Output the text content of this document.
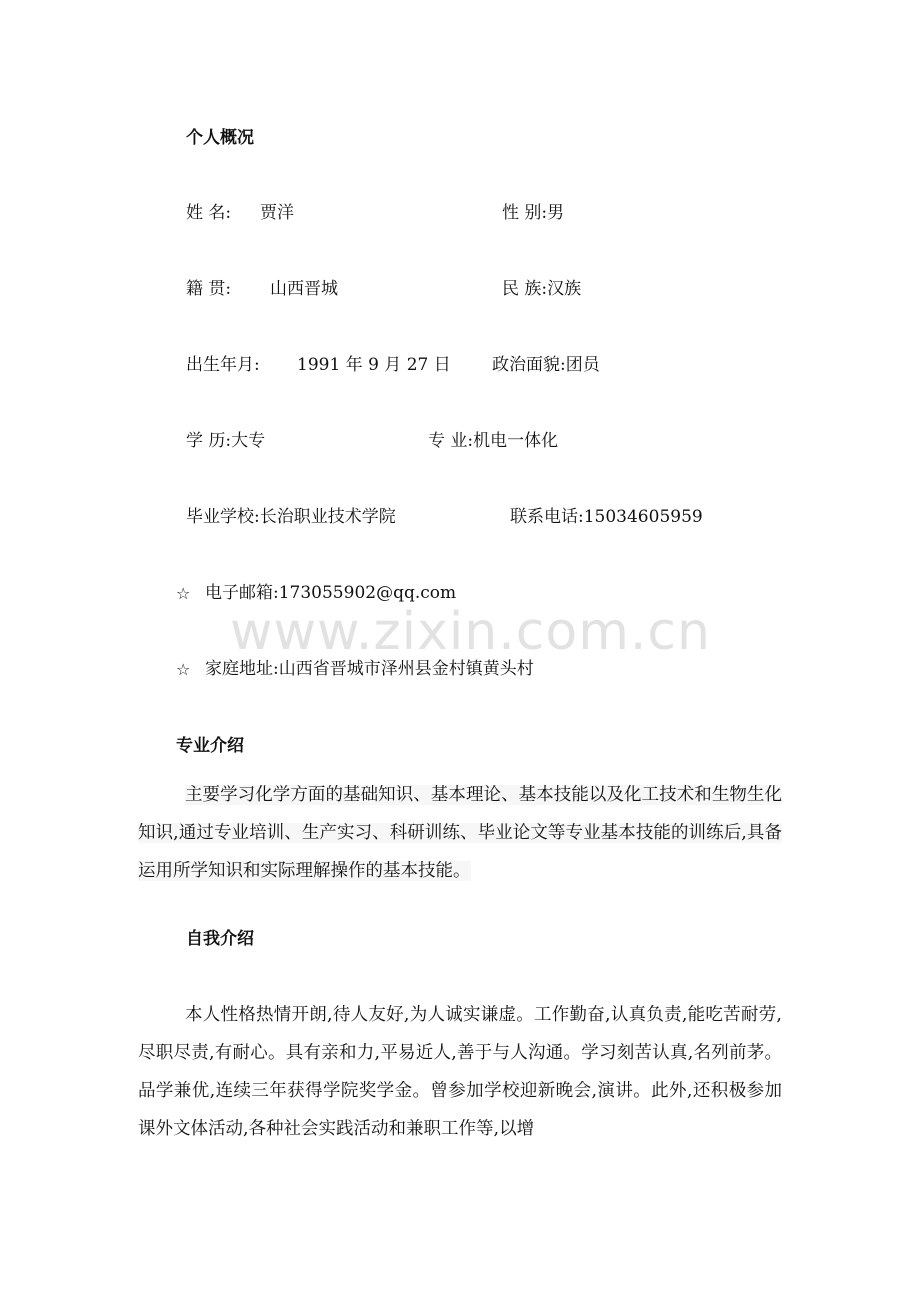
www.zixin.com.cn
个人概况
姓 名: 贾洋	性 别:男
籍 贯: 山西晋城	民 族:汉族
出生年月: 1991 年 9 月 27 日 政治面貌:团员
学 历:大专	专 业:机电一体化
毕业学校:长治职业技术学院	联系电话:15034605959
☆ 电子邮箱:173055902@qq.com
☆ 家庭地址:山西省晋城市泽州县金村镇黄头村
专业介绍
主要学习化学方面的基础知识、基本理论、基本技能以及化工技术和生物生化知识,通过专业培训、生产实习、科研训练、毕业论文等专业基本技能的训练后,具备运用所学知识和实际理解操作的基本技能。
自我介绍
本人性格热情开朗,待人友好,为人诚实谦虚。工作勤奋,认真负责,能吃苦耐劳,尽职尽责,有耐心。具有亲和力,平易近人,善于与人沟通。学习刻苦认真,名列前茅。品学兼优,连续三年获得学院奖学金。曾参加学校迎新晚会,演讲。此外,还积极参加课外文体活动,各种社会实践活动和兼职工作等,以增
